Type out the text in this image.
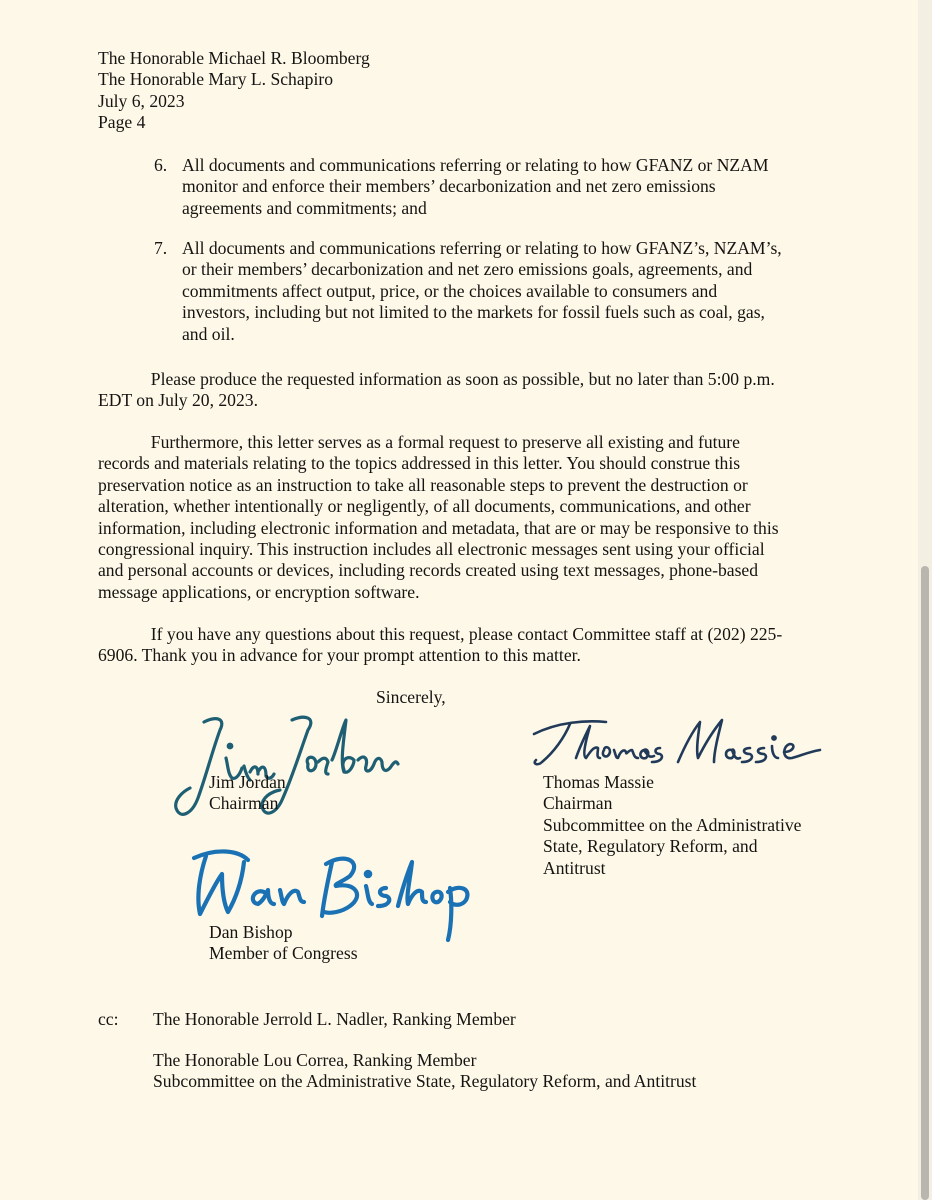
The Honorable Michael R. Bloomberg
The Honorable Mary L. Schapiro
July 6, 2023
Page 4
6. All documents and communications referring or relating to how GFANZ or NZAM
monitor and enforce their members’ decarbonization and net zero emissions
agreements and commitments; and
7. All documents and communications referring or relating to how GFANZ’s, NZAM’s,
or their members’ decarbonization and net zero emissions goals, agreements, and
commitments affect output, price, or the choices available to consumers and
investors, including but not limited to the markets for fossil fuels such as coal, gas,
and oil.
Please produce the requested information as soon as possible, but no later than 5:00 p.m.
EDT on July 20, 2023.
Furthermore, this letter serves as a formal request to preserve all existing and future
records and materials relating to the topics addressed in this letter. You should construe this
preservation notice as an instruction to take all reasonable steps to prevent the destruction or
alteration, whether intentionally or negligently, of all documents, communications, and other
information, including electronic information and metadata, that are or may be responsive to this
congressional inquiry. This instruction includes all electronic messages sent using your official
and personal accounts or devices, including records created using text messages, phone-based
message applications, or encryption software.
If you have any questions about this request, please contact Committee staff at (202) 225-
6906. Thank you in advance for your prompt attention to this matter.
Sincerely,
Jim Jordan
Chairman
Thomas Massie
Chairman
Subcommittee on the Administrative
State, Regulatory Reform, and
Antitrust
Dan Bishop
Member of Congress
cc: The Honorable Jerrold L. Nadler, Ranking Member
The Honorable Lou Correa, Ranking Member
Subcommittee on the Administrative State, Regulatory Reform, and Antitrust
